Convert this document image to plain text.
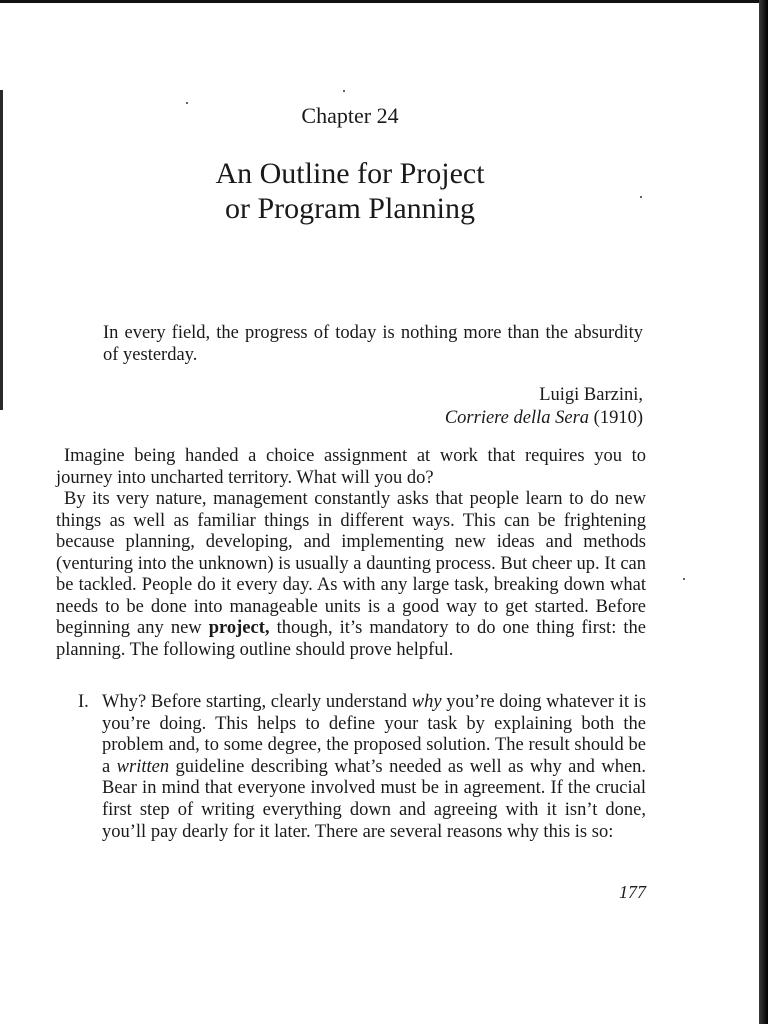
Chapter 24
An Outline for Project
or Program Planning
In every field, the progress of today is nothing more than the absurdity of yesterday.
Luigi Barzini,
Corriere della Sera (1910)

Imagine being handed a choice assignment at work that requires you to journey into uncharted territory. What will you do?

By its very nature, management constantly asks that people learn to do new things as well as familiar things in different ways. This can be frightening because planning, developing, and implementing new ideas and methods (venturing into the unknown) is usually a daunting process. But cheer up. It can be tackled. People do it every day. As with any large task, breaking down what needs to be done into manageable units is a good way to get started. Before beginning any new project, though, it’s mandatory to do one thing first: the planning. The following outline should prove helpful.

I. Why? Before starting, clearly understand why you’re doing whatever it is you’re doing. This helps to define your task by explaining both the problem and, to some degree, the proposed solution. The result should be a written guideline describing what’s needed as well as why and when. Bear in mind that everyone involved must be in agreement. If the crucial first step of writing everything down and agreeing with it isn’t done, you’ll pay dearly for it later. There are several reasons why this is so:
177
